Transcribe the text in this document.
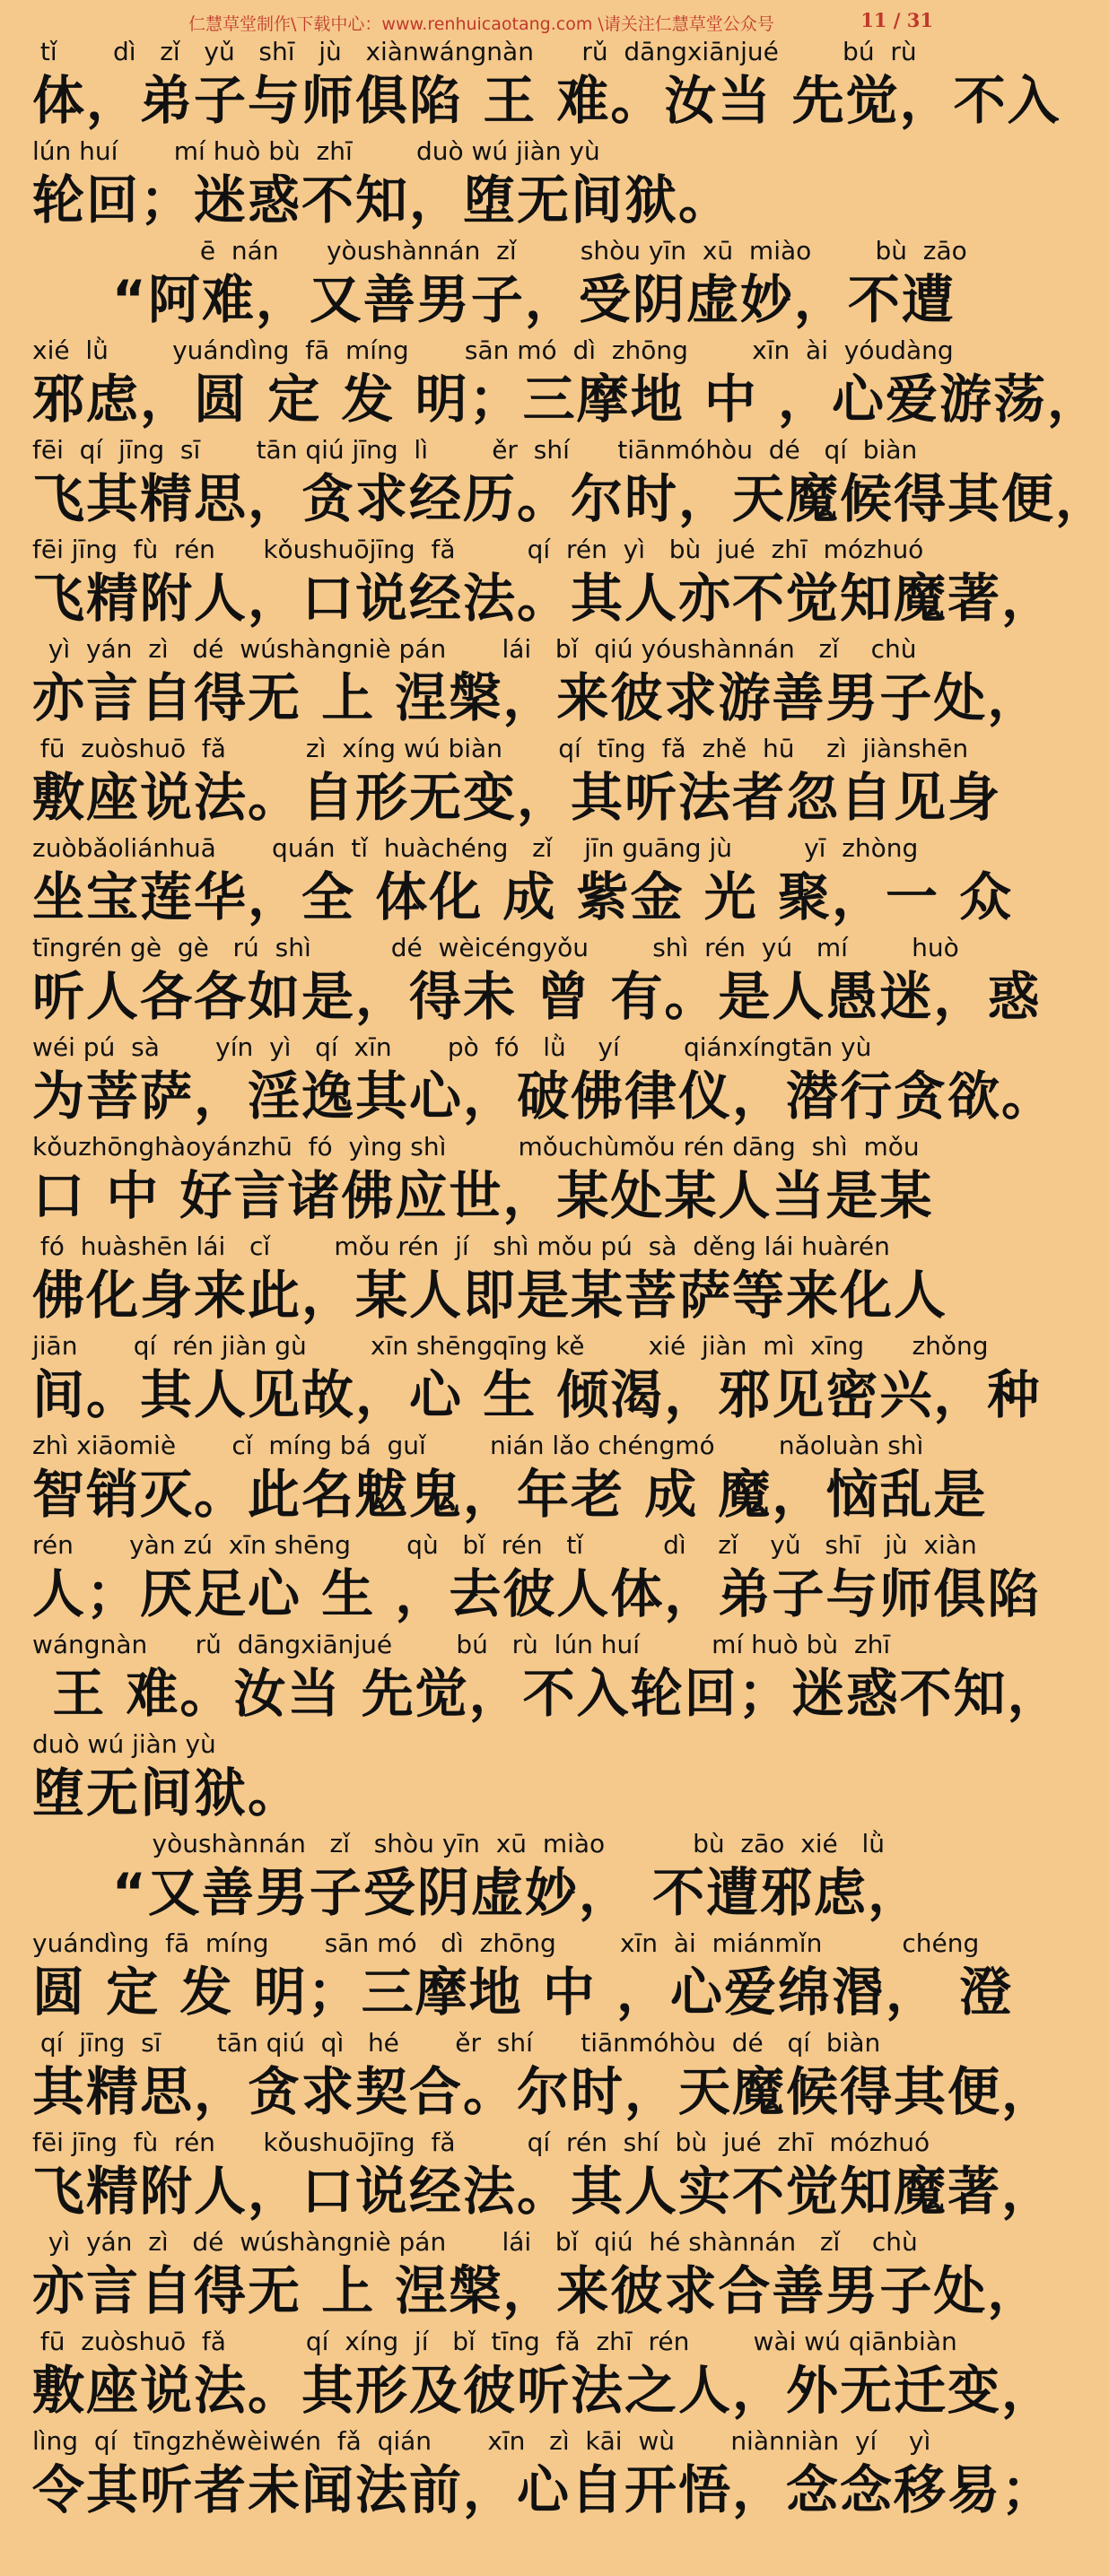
仁慧草堂制作\下载中心：www.renhuicaotang.com \请关注仁慧草堂公众号	11 / 31
tǐ       dì   zǐ   yǔ   shī   jù   xiànwángnàn      rǔ  dāngxiānjué        bú  rù
体，弟子与师俱陷 王 难。汝当 先觉，不入
lún huí       mí huò bù  zhī        duò wú jiàn yù
轮回；迷惑不知，堕无间狱。
ē  nán      yòushànnán  zǐ        shòu yīn  xū  miào        bù  zāo
“阿难，又善男子，受阴虚妙，不遭
xié  lǜ        yuándìng  fā  míng       sān mó  dì  zhōng        xīn  ài  yóudàng
邪虑，圆 定 发 明；三摩地 中 ，心爱游荡，
fēi  qí  jīng  sī       tān qiú jīng  lì        ěr  shí      tiānmóhòu  dé   qí  biàn
飞其精思，贪求经历。尔时，天魔候得其便，
fēi jīng  fù  rén      kǒushuōjīng  fǎ         qí  rén  yì   bù  jué  zhī  mózhuó
飞精附人，口说经法。其人亦不觉知魔著，
yì  yán  zì   dé  wúshàngniè pán       lái   bǐ  qiú yóushànnán   zǐ    chù
亦言自得无 上 涅槃，来彼求游善男子处，
fū  zuòshuō  fǎ          zì  xíng wú biàn       qí  tīng  fǎ  zhě  hū    zì  jiànshēn
敷座说法。自形无变，其听法者忽自见身
zuòbǎoliánhuā       quán  tǐ  huàchéng   zǐ    jīn guāng jù         yī  zhòng
坐宝莲华，全 体化 成 紫金 光 聚，一 众
tīngrén gè  gè   rú  shì          dé  wèicéngyǒu        shì  rén  yú   mí        huò
听人各各如是，得未 曾 有。是人愚迷，惑
wéi pú  sà       yín  yì   qí  xīn       pò  fó   lǜ    yí        qiánxíngtān yù
为菩萨，淫逸其心，破佛律仪，潜行贪欲。
kǒuzhōnghàoyánzhū  fó  yìng shì         mǒuchùmǒu rén dāng  shì  mǒu
口 中 好言诸佛应世，某处某人当是某
fó  huàshēn lái   cǐ        mǒu rén  jí   shì mǒu pú  sà  děng lái huàrén
佛化身来此，某人即是某菩萨等来化人
jiān       qí  rén jiàn gù        xīn shēngqīng kě        xié  jiàn  mì  xīng      zhǒng
间。其人见故，心 生 倾渴，邪见密兴，种
zhì xiāomiè       cǐ  míng bá  guǐ        nián lǎo chéngmó        nǎoluàn shì
智销灭。此名魃鬼，年老 成 魔，恼乱是
rén       yàn zú  xīn shēng       qù   bǐ  rén   tǐ          dì    zǐ    yǔ   shī   jù  xiàn
人；厌足心 生 ，去彼人体，弟子与师俱陷
wángnàn      rǔ  dāngxiānjué        bú   rù  lún huí         mí huò bù  zhī
王 难。汝当 先觉，不入轮回；迷惑不知，
duò wú jiàn yù
堕无间狱。
yòushànnán   zǐ   shòu yīn  xū  miào           bù  zāo  xié   lǜ
“又善男子受阴虚妙， 不遭邪虑，
yuándìng  fā  míng       sān mó   dì  zhōng        xīn  ài  miánmǐn          chéng
圆 定 发 明；三摩地 中 ，心爱绵湣， 澄
qí  jīng  sī       tān qiú  qì   hé       ěr  shí      tiānmóhòu  dé   qí  biàn
其精思，贪求契合。尔时，天魔候得其便，
fēi jīng  fù  rén      kǒushuōjīng  fǎ         qí  rén  shí  bù  jué  zhī  mózhuó
飞精附人，口说经法。其人实不觉知魔著，
yì  yán  zì   dé  wúshàngniè pán       lái   bǐ  qiú  hé shànnán   zǐ    chù
亦言自得无 上 涅槃，来彼求合善男子处，
fū  zuòshuō  fǎ          qí  xíng  jí   bǐ  tīng  fǎ  zhī  rén        wài wú qiānbiàn
敷座说法。其形及彼听法之人，外无迁变，
lìng  qí  tīngzhěwèiwén  fǎ  qián       xīn   zì  kāi  wù       niànniàn  yí    yì
令其听者未闻法前，心自开悟，念念移易；
